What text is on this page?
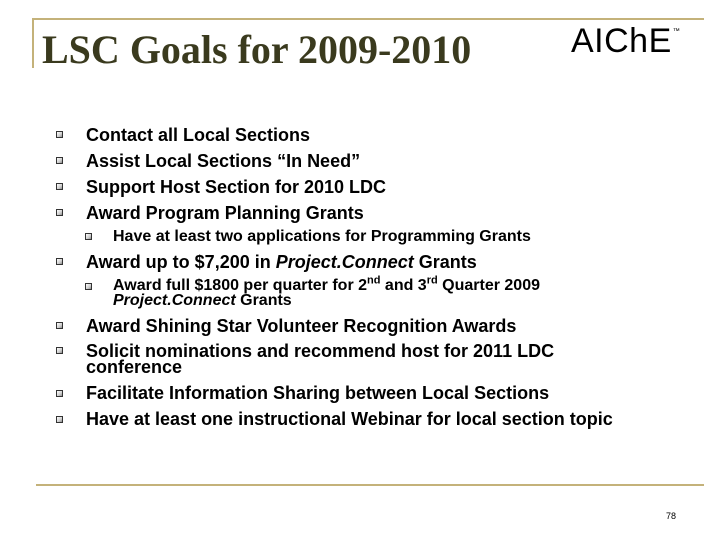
LSC Goals for 2009-2010	AIChE™
Contact all Local Sections
Assist Local Sections “In Need”
Support Host Section for 2010 LDC
Award Program Planning Grants
Have at least two applications for Programming Grants
Award up to $7,200 in Project.Connect Grants
Award full $1800 per quarter for 2nd and 3rd Quarter 2009
Project.Connect Grants
Award Shining Star Volunteer Recognition Awards
Solicit nominations and recommend host for 2011 LDC
conference
Facilitate Information Sharing between Local Sections
Have at least one instructional Webinar for local section topic
78
